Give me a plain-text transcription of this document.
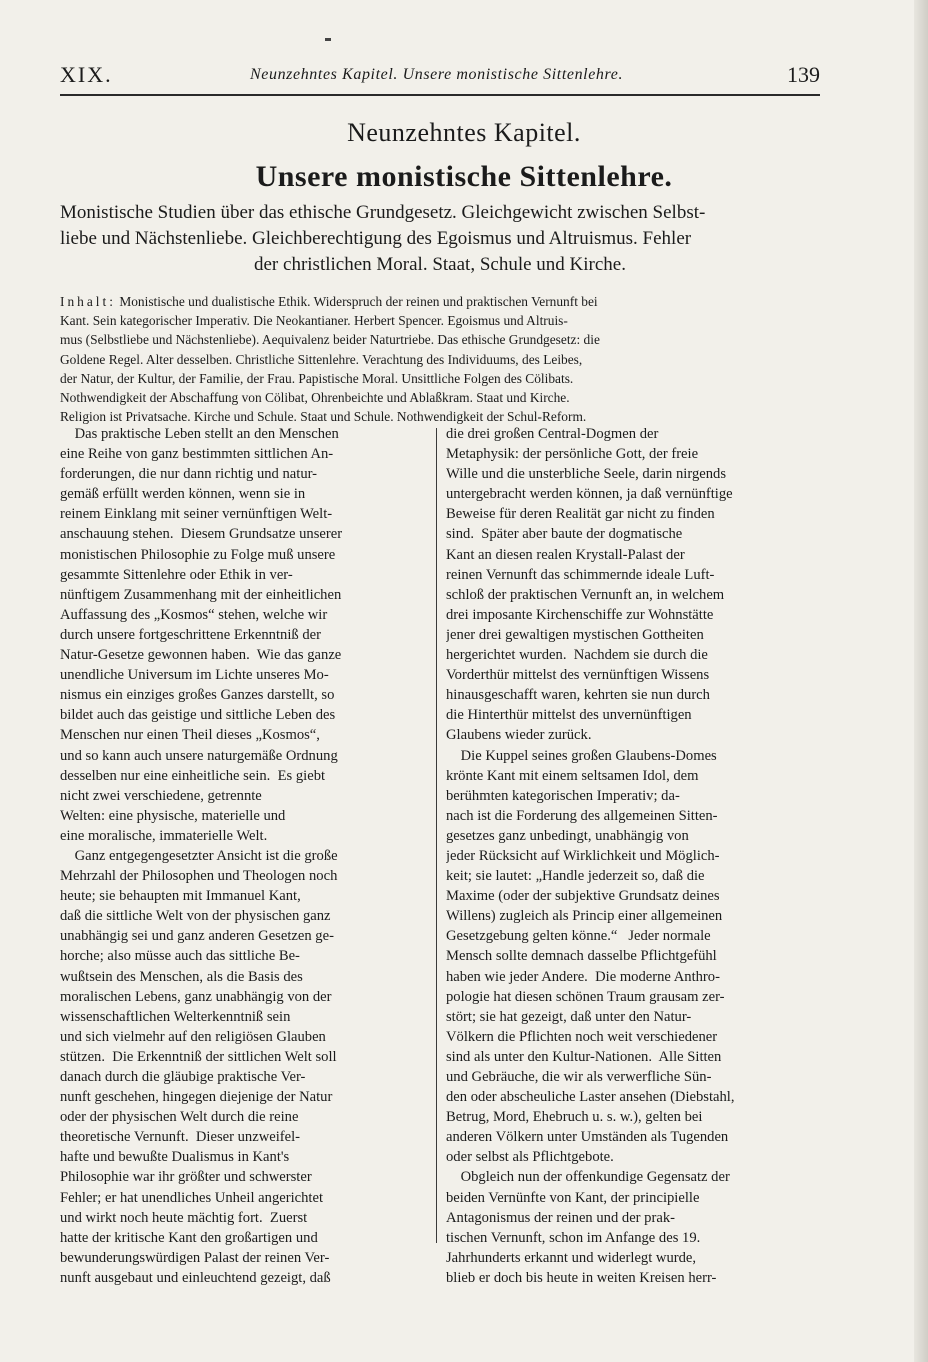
XIX.	Neunzehntes Kapitel. Unsere monistische Sittenlehre.	139
Neunzehntes Kapitel.
Unsere monistische Sittenlehre.
Monistische Studien über das ethische Grundgesetz. Gleichgewicht zwischen Selbst-
liebe und Nächstenliebe. Gleichberechtigung des Egoismus und Altruismus. Fehler
der christlichen Moral. Staat, Schule und Kirche.
Inhalt: Monistische und dualistische Ethik. Widerspruch der reinen und praktischen Vernunft bei
Kant. Sein kategorischer Imperativ. Die Neokantianer. Herbert Spencer. Egoismus und Altruis-
mus (Selbstliebe und Nächstenliebe). Aequivalenz beider Naturtriebe. Das ethische Grundgesetz: die
Goldene Regel. Alter desselben. Christliche Sittenlehre. Verachtung des Individuums, des Leibes,
der Natur, der Kultur, der Familie, der Frau. Papistische Moral. Unsittliche Folgen des Cölibats.
Nothwendigkeit der Abschaffung von Cölibat, Ohrenbeichte und Ablaßkram. Staat und Kirche.
Religion ist Privatsache. Kirche und Schule. Staat und Schule. Nothwendigkeit der Schul-Reform.
Das praktische Leben stellt an den Menschen
eine Reihe von ganz bestimmten sittlichen An-
forderungen, die nur dann richtig und natur-
gemäß erfüllt werden können, wenn sie in
reinem Einklang mit seiner vernünftigen Welt-
anschauung stehen.  Diesem Grundsatze unserer
monistischen Philosophie zu Folge muß unsere
gesammte Sittenlehre oder Ethik in ver-
nünftigem Zusammenhang mit der einheitlichen
Auffassung des „Kosmos“ stehen, welche wir
durch unsere fortgeschrittene Erkenntniß der
Natur-Gesetze gewonnen haben.  Wie das ganze
unendliche Universum im Lichte unseres Mo-
nismus ein einziges großes Ganzes darstellt, so
bildet auch das geistige und sittliche Leben des
Menschen nur einen Theil dieses „Kosmos“,
und so kann auch unsere naturgemäße Ordnung
desselben nur eine einheitliche sein.  Es giebt
nicht zwei verschiedene, getrennte
Welten: eine physische, materielle und
eine moralische, immaterielle Welt.
Ganz entgegengesetzter Ansicht ist die große
Mehrzahl der Philosophen und Theologen noch
heute; sie behaupten mit Immanuel Kant,
daß die sittliche Welt von der physischen ganz
unabhängig sei und ganz anderen Gesetzen ge-
horche; also müsse auch das sittliche Be-
wußtsein des Menschen, als die Basis des
moralischen Lebens, ganz unabhängig von der
wissenschaftlichen Welterkenntniß sein
und sich vielmehr auf den religiösen Glauben
stützen.  Die Erkenntniß der sittlichen Welt soll
danach durch die gläubige praktische Ver-
nunft geschehen, hingegen diejenige der Natur
oder der physischen Welt durch die reine
theoretische Vernunft.  Dieser unzweifel-
hafte und bewußte Dualismus in Kant's
Philosophie war ihr größter und schwerster
Fehler; er hat unendliches Unheil angerichtet
und wirkt noch heute mächtig fort.  Zuerst
hatte der kritische Kant den großartigen und
bewunderungswürdigen Palast der reinen Ver-
nunft ausgebaut und einleuchtend gezeigt, daß
die drei großen Central-Dogmen der
Metaphysik: der persönliche Gott, der freie
Wille und die unsterbliche Seele, darin nirgends
untergebracht werden können, ja daß vernünftige
Beweise für deren Realität gar nicht zu finden
sind.  Später aber baute der dogmatische
Kant an diesen realen Krystall-Palast der
reinen Vernunft das schimmernde ideale Luft-
schloß der praktischen Vernunft an, in welchem
drei imposante Kirchenschiffe zur Wohnstätte
jener drei gewaltigen mystischen Gottheiten
hergerichtet wurden.  Nachdem sie durch die
Vorderthür mittelst des vernünftigen Wissens
hinausgeschafft waren, kehrten sie nun durch
die Hinterthür mittelst des unvernünftigen
Glaubens wieder zurück.
Die Kuppel seines großen Glaubens-Domes
krönte Kant mit einem seltsamen Idol, dem
berühmten kategorischen Imperativ; da-
nach ist die Forderung des allgemeinen Sitten-
gesetzes ganz unbedingt, unabhängig von
jeder Rücksicht auf Wirklichkeit und Möglich-
keit; sie lautet: „Handle jederzeit so, daß die
Maxime (oder der subjektive Grundsatz deines
Willens) zugleich als Princip einer allgemeinen
Gesetzgebung gelten könne.“   Jeder normale
Mensch sollte demnach dasselbe Pflichtgefühl
haben wie jeder Andere.  Die moderne Anthro-
pologie hat diesen schönen Traum grausam zer-
stört; sie hat gezeigt, daß unter den Natur-
Völkern die Pflichten noch weit verschiedener
sind als unter den Kultur-Nationen.  Alle Sitten
und Gebräuche, die wir als verwerfliche Sün-
den oder abscheuliche Laster ansehen (Diebstahl,
Betrug, Mord, Ehebruch u. s. w.), gelten bei
anderen Völkern unter Umständen als Tugenden
oder selbst als Pflichtgebote.
Obgleich nun der offenkundige Gegensatz der
beiden Vernünfte von Kant, der principielle
Antagonismus der reinen und der prak-
tischen Vernunft, schon im Anfange des 19.
Jahrhunderts erkannt und widerlegt wurde,
blieb er doch bis heute in weiten Kreisen herr-
